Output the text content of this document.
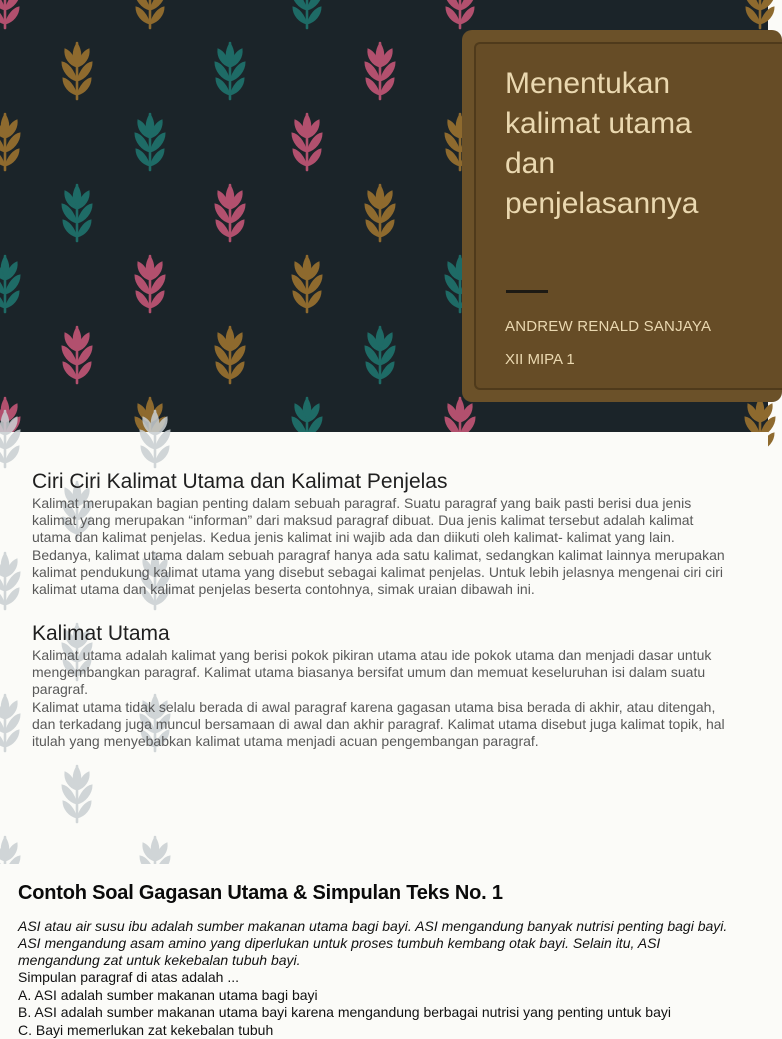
Menentukan kalimat utama dan penjelasannya
ANDREW RENALD SANJAYA
XII MIPA 1
Ciri Ciri Kalimat Utama dan Kalimat Penjelas

Kalimat merupakan bagian penting dalam sebuah paragraf. Suatu paragraf yang baik pasti berisi dua jenis kalimat yang merupakan “informan” dari maksud paragraf dibuat. Dua jenis kalimat tersebut adalah kalimat utama dan kalimat penjelas. Kedua jenis kalimat ini wajib ada dan diikuti oleh kalimat- kalimat yang lain. Bedanya, kalimat utama dalam sebuah paragraf hanya ada satu kalimat, sedangkan kalimat lainnya merupakan kalimat pendukung kalimat utama yang disebut sebagai kalimat penjelas. Untuk lebih jelasnya mengenai ciri ciri kalimat utama dan kalimat penjelas beserta contohnya, simak uraian dibawah ini.

Kalimat Utama

Kalimat utama adalah kalimat yang berisi pokok pikiran utama atau ide pokok utama dan menjadi dasar untuk mengembangkan paragraf. Kalimat utama biasanya bersifat umum dan memuat keseluruhan isi dalam suatu paragraf.

Kalimat utama tidak selalu berada di awal paragraf karena gagasan utama bisa berada di akhir, atau ditengah, dan terkadang juga muncul bersamaan di awal dan akhir paragraf. Kalimat utama disebut juga kalimat topik, hal itulah yang menyebabkan kalimat utama menjadi acuan pengembangan paragraf.

Contoh Soal Gagasan Utama & Simpulan Teks No. 1

ASI atau air susu ibu adalah sumber makanan utama bagi bayi. ASI mengandung banyak nutrisi penting bagi bayi. ASI mengandung asam amino yang diperlukan untuk proses tumbuh kembang otak bayi. Selain itu, ASI mengandung zat untuk kekebalan tubuh bayi.

Simpulan paragraf di atas adalah ...
A. ASI adalah sumber makanan utama bagi bayi
B. ASI adalah sumber makanan utama bayi karena mengandung berbagai nutrisi yang penting untuk bayi
C. Bayi memerlukan zat kekebalan tubuh
